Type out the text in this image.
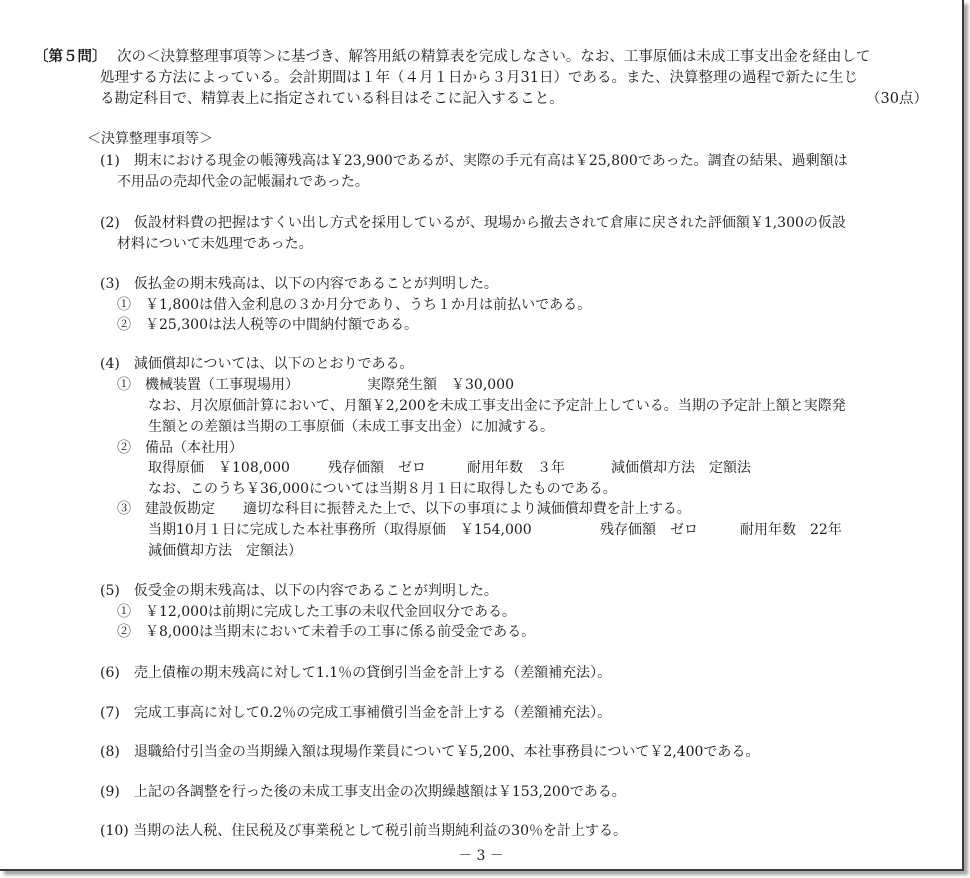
〔第５問〕 次の＜決算整理事項等＞に基づき、解答用紙の精算表を完成しなさい。なお、工事原価は未成工事支出金を経由して
処理する方法によっている。会計期間は１年（４月１日から３月31日）である。また、決算整理の過程で新たに生じ
る勘定科目で、精算表上に指定されている科目はそこに記入すること。	（30点）
＜決算整理事項等＞
(1)　期末における現金の帳簿残高は￥23,900であるが、実際の手元有高は￥25,800であった。調査の結果、過剰額は
不用品の売却代金の記帳漏れであった。
(2)　仮設材料費の把握はすくい出し方式を採用しているが、現場から撤去されて倉庫に戻された評価額￥1,300の仮設
材料について未処理であった。
(3)　仮払金の期末残高は、以下の内容であることが判明した。
①　￥1,800は借入金利息の３か月分であり、うち１か月は前払いである。
②　￥25,300は法人税等の中間納付額である。
(4)　減価償却については、以下のとおりである。
①　機械装置（工事現場用）	実際発生額　￥30,000
なお、月次原価計算において、月額￥2,200を未成工事支出金に予定計上している。当期の予定計上額と実際発
生額との差額は当期の工事原価（未成工事支出金）に加減する。
②　備品（本社用）
取得原価　￥108,000	残存価額　ゼロ	耐用年数　３年	減価償却方法　定額法
なお、このうち￥36,000については当期８月１日に取得したものである。
③　建設仮勘定　　適切な科目に振替えた上で、以下の事項により減価償却費を計上する。
当期10月１日に完成した本社事務所（取得原価　￥154,000	残存価額　ゼロ	耐用年数　22年
減価償却方法　定額法）
(5)　仮受金の期末残高は、以下の内容であることが判明した。
①　￥12,000は前期に完成した工事の未収代金回収分である。
②　￥8,000は当期末において未着手の工事に係る前受金である。
(6)　売上債権の期末残高に対して1.1％の貸倒引当金を計上する（差額補充法）。
(7)　完成工事高に対して0.2％の完成工事補償引当金を計上する（差額補充法）。
(8)　退職給付引当金の当期繰入額は現場作業員について￥5,200、本社事務員について￥2,400である。
(9)　上記の各調整を行った後の未成工事支出金の次期繰越額は￥153,200である。
(10) 当期の法人税、住民税及び事業税として税引前当期純利益の30％を計上する。
－ 3 －
